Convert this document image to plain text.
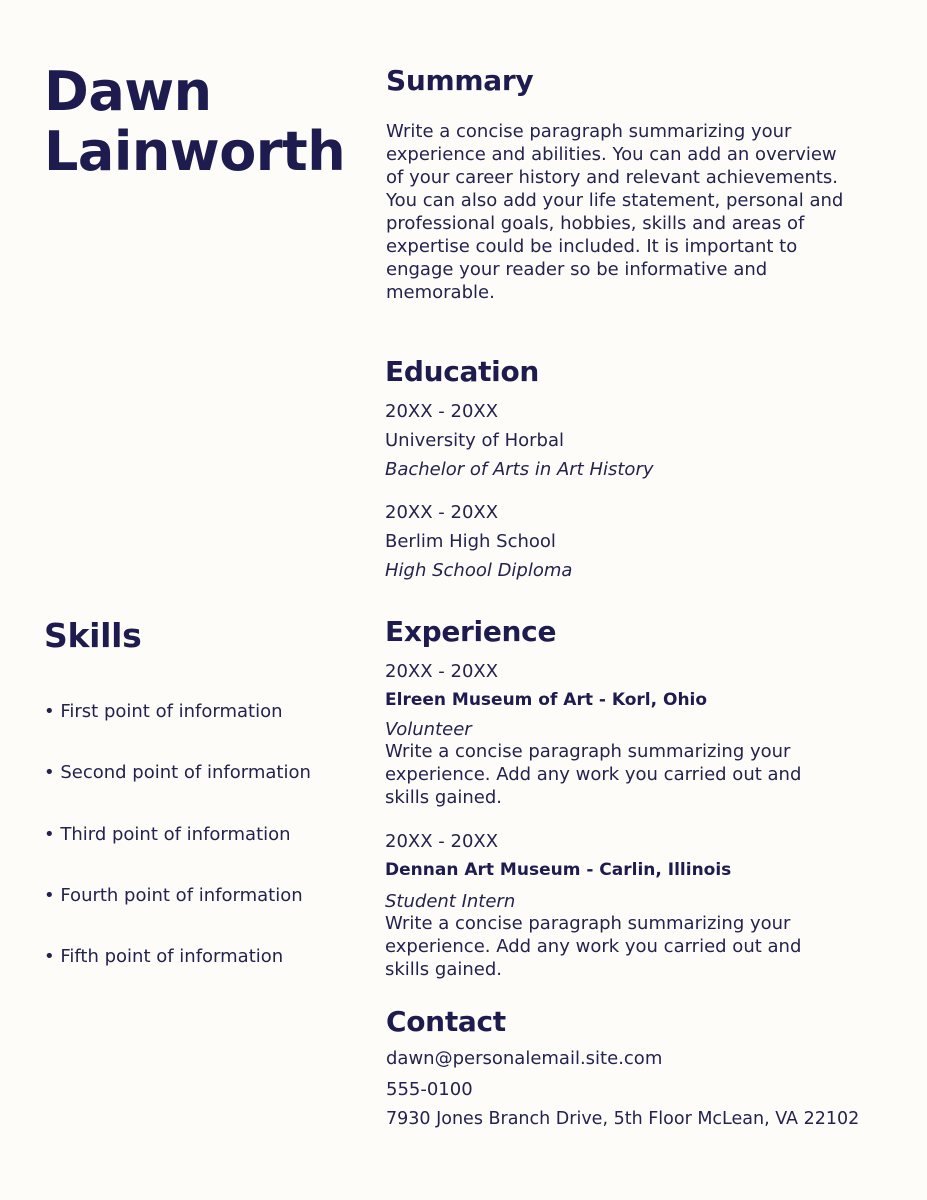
Dawn
Lainworth
Summary
Write a concise paragraph summarizing your experience and abilities. You can add an overview of your career history and relevant achievements. You can also add your life statement, personal and professional goals, hobbies, skills and areas of expertise could be included. It is important to engage your reader so be informative and memorable.
Education
20XX - 20XX
University of Horbal
Bachelor of Arts in Art History
20XX - 20XX
Berlim High School
High School Diploma
Skills
• First point of information
• Second point of information
• Third point of information
• Fourth point of information
• Fifth point of information
Experience
20XX - 20XX
Elreen Museum of Art - Korl, Ohio
Volunteer
Write a concise paragraph summarizing your experience. Add any work you carried out and skills gained.
20XX - 20XX
Dennan Art Museum - Carlin, Illinois
Student Intern
Write a concise paragraph summarizing your experience. Add any work you carried out and skills gained.
Contact
dawn@personalemail.site.com
555-0100
7930 Jones Branch Drive, 5th Floor McLean, VA 22102
